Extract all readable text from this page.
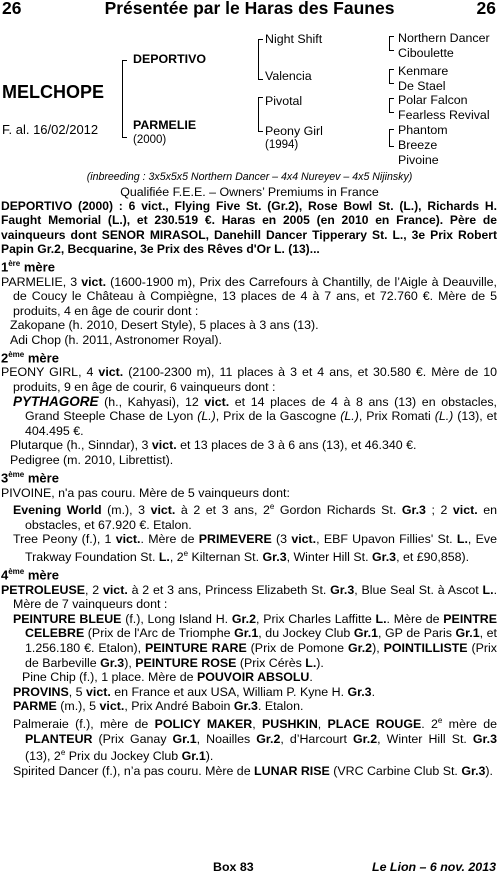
26	Présentée par le Haras des Faunes	26
MELCHOPE
F. al. 16/02/2012
DEPORTIVO
PARMELIE
(2000)
Night Shift
Valencia
Pivotal
Peony Girl
(1994)
Northern Dancer
Ciboulette
Kenmare
De Stael
Polar Falcon
Fearless Revival
Phantom
Breeze
Pivoine
(inbreeding : 3x5x5x5 Northern Dancer – 4x4 Nureyev – 4x5 Nijinsky)
Qualifiée F.E.E. – Owners’ Premiums in France
DEPORTIVO (2000) : 6 vict., Flying Five St. (Gr.2), Rose Bowl St. (L.), Richards H. Faught Memorial (L.), et 230.519 €. Haras en 2005 (en 2010 en France). Père de vainqueurs dont SENOR MIRASOL, Danehill Dancer Tipperary St. L., 3e Prix Robert Papin Gr.2, Becquarine, 3e Prix des Rêves d'Or L. (13)...
1ère mère
PARMELIE, 3 vict. (1600-1900 m), Prix des Carrefours à Chantilly, de l’Aigle à Deauville, de Coucy le Château à Compiègne, 13 places de 4 à 7 ans, et 72.760 €. Mère de 5 produits, 4 en âge de courir dont :
Zakopane (h. 2010, Desert Style), 5 places à 3 ans (13).
Adi Chop (h. 2011, Astronomer Royal).
2ème mère
PEONY GIRL, 4 vict. (2100-2300 m), 11 places à 3 et 4 ans, et 30.580 €. Mère de 10 produits, 9 en âge de courir, 6 vainqueurs dont :
PYTHAGORE (h., Kahyasi), 12 vict. et 14 places de 4 à 8 ans (13) en obstacles, Grand Steeple Chase de Lyon (L.), Prix de la Gascogne (L.), Prix Romati (L.) (13), et 404.495 €.
Plutarque (h., Sinndar), 3 vict. et 13 places de 3 à 6 ans (13), et 46.340 €.
Pedigree (m. 2010, Librettist).
3ème mère
PIVOINE, n'a pas couru. Mère de 5 vainqueurs dont:
Evening World (m.), 3 vict. à 2 et 3 ans, 2e Gordon Richards St. Gr.3 ; 2 vict. en obstacles, et 67.920 €. Etalon.
Tree Peony (f.), 1 vict.. Mère de PRIMEVERE (3 vict., EBF Upavon Fillies' St. L., Eve Trakway Foundation St. L., 2e Kilternan St. Gr.3, Winter Hill St. Gr.3, et £90,858).
4ème mère
PETROLEUSE, 2 vict. à 2 et 3 ans, Princess Elizabeth St. Gr.3, Blue Seal St. à Ascot L.. Mère de 7 vainqueurs dont :
PEINTURE BLEUE (f.), Long Island H. Gr.2, Prix Charles Laffitte L.. Mère de PEINTRE CELEBRE (Prix de l'Arc de Triomphe Gr.1, du Jockey Club Gr.1, GP de Paris Gr.1, et 1.256.180 €. Etalon), PEINTURE RARE (Prix de Pomone Gr.2), POINTILLISTE (Prix de Barbeville Gr.3), PEINTURE ROSE (Prix Cérès L.).
Pine Chip (f.), 1 place. Mère de POUVOIR ABSOLU.
PROVINS, 5 vict. en France et aux USA, William P. Kyne H. Gr.3.
PARME (m.), 5 vict., Prix André Baboin Gr.3. Etalon.
Palmeraie (f.), mère de POLICY MAKER, PUSHKIN, PLACE ROUGE. 2e mère de PLANTEUR (Prix Ganay Gr.1, Noailles Gr.2, d’Harcourt Gr.2, Winter Hill St. Gr.3 (13), 2e Prix du Jockey Club Gr.1).
Spirited Dancer (f.), n’a pas couru. Mère de LUNAR RISE (VRC Carbine Club St. Gr.3).
Box 83	Le Lion – 6 nov. 2013
